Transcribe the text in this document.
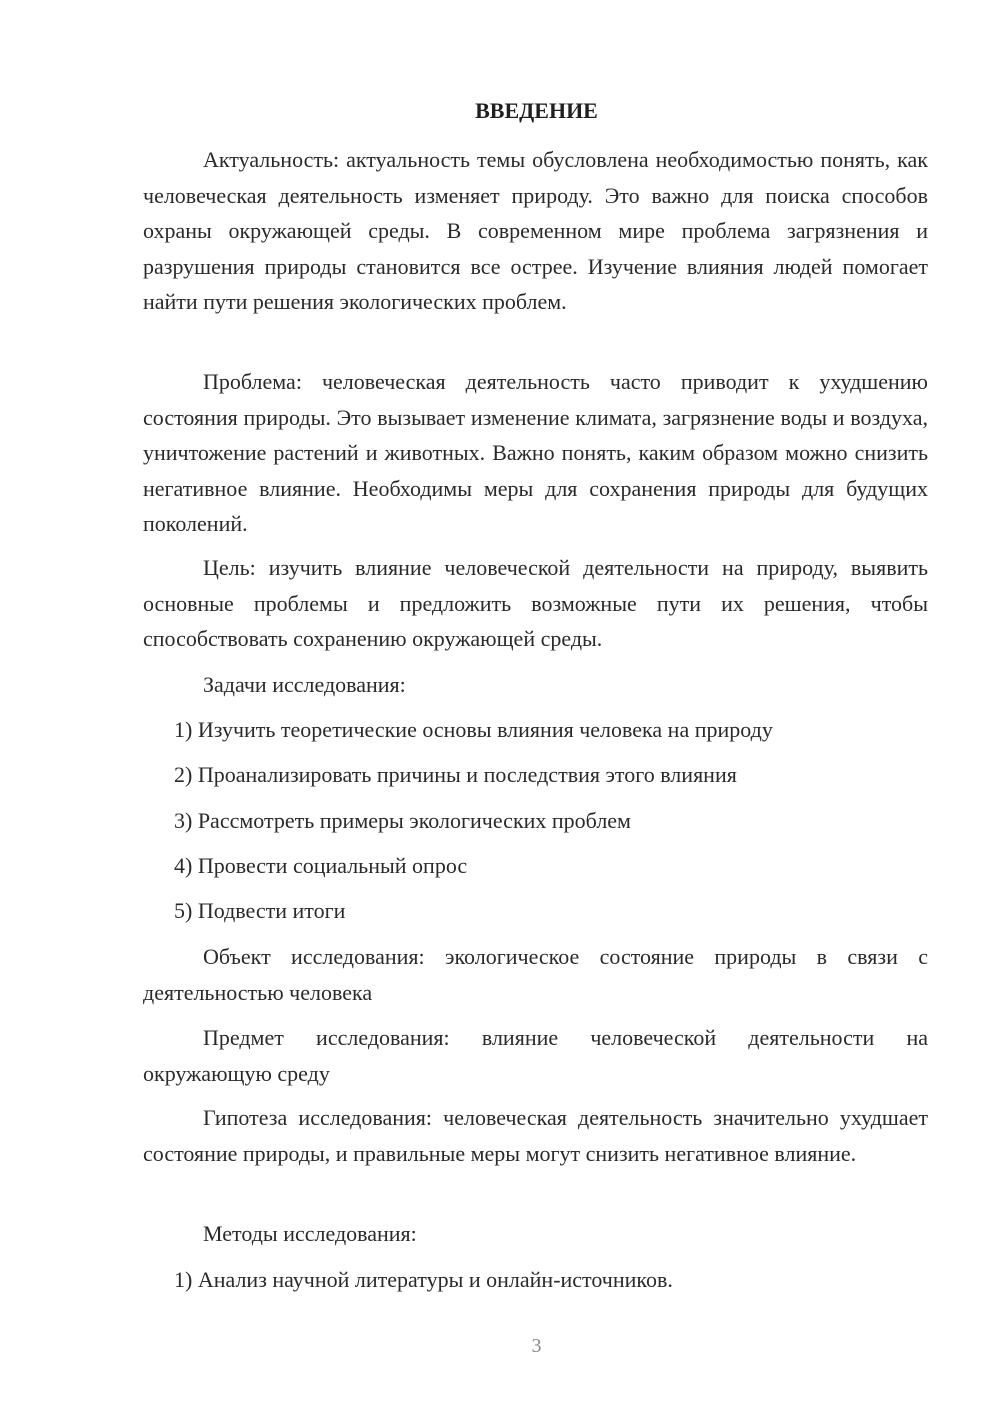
ВВЕДЕНИЕ

Актуальность: актуальность темы обусловлена необходимостью понять, как человеческая деятельность изменяет природу. Это важно для поиска способов охраны окружающей среды. В современном мире проблема загрязнения и разрушения природы становится все острее. Изучение влияния людей помогает найти пути решения экологических проблем.

Проблема: человеческая деятельность часто приводит к ухудшению состояния природы. Это вызывает изменение климата, загрязнение воды и воздуха, уничтожение растений и животных. Важно понять, каким образом можно снизить негативное влияние. Необходимы меры для сохранения природы для будущих поколений.

Цель: изучить влияние человеческой деятельности на природу, выявить основные проблемы и предложить возможные пути их решения, чтобы способствовать сохранению окружающей среды.

Задачи исследования:

1) Изучить теоретические основы влияния человека на природу

2) Проанализировать причины и последствия этого влияния

3) Рассмотреть примеры экологических проблем

4) Провести социальный опрос

5) Подвести итоги

Объект исследования: экологическое состояние природы в связи с деятельностью человека

Предмет исследования: влияние человеческой деятельности на окружающую среду

Гипотеза исследования: человеческая деятельность значительно ухудшает состояние природы, и правильные меры могут снизить негативное влияние.

Методы исследования:

1) Анализ научной литературы и онлайн-источников.

3
